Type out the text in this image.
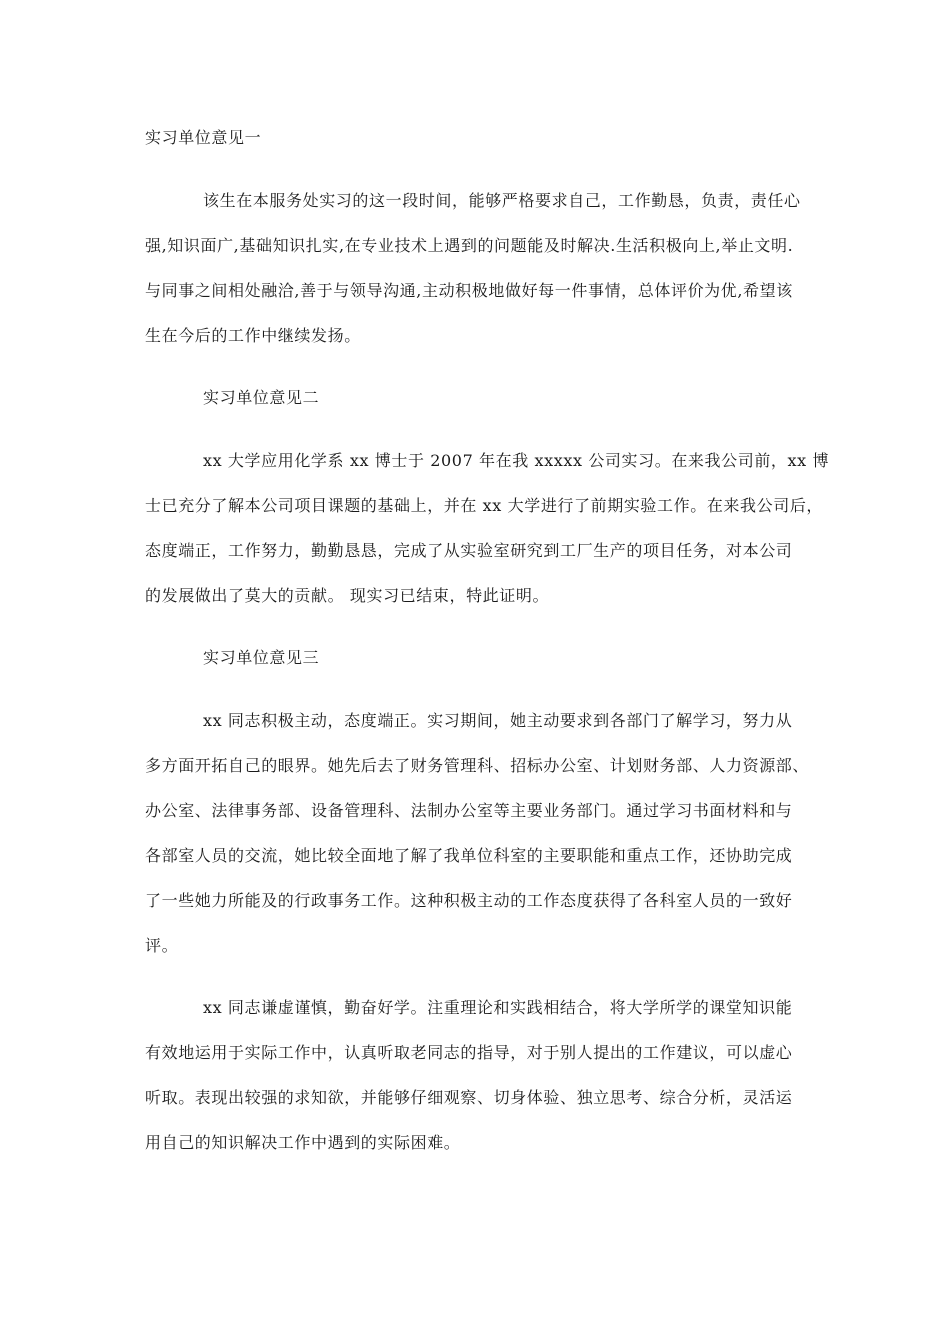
实习单位意见一
该生在本服务处实习的这一段时间，能够严格要求自己，工作勤恳，负责，责任心
强,知识面广,基础知识扎实,在专业技术上遇到的问题能及时解决.生活积极向上,举止文明.
与同事之间相处融洽,善于与领导沟通,主动积极地做好每一件事情，总体评价为优,希望该
生在今后的工作中继续发扬。
实习单位意见二
xx 大学应用化学系 xx 博士于 2007 年在我 xxxxx 公司实习。在来我公司前，xx 博
士已充分了解本公司项目课题的基础上，并在 xx 大学进行了前期实验工作。在来我公司后，
态度端正，工作努力，勤勤恳恳，完成了从实验室研究到工厂生产的项目任务，对本公司
的发展做出了莫大的贡献。 现实习已结束，特此证明。
实习单位意见三
xx 同志积极主动，态度端正。实习期间，她主动要求到各部门了解学习，努力从
多方面开拓自己的眼界。她先后去了财务管理科、招标办公室、计划财务部、人力资源部、
办公室、法律事务部、设备管理科、法制办公室等主要业务部门。通过学习书面材料和与
各部室人员的交流，她比较全面地了解了我单位科室的主要职能和重点工作，还协助完成
了一些她力所能及的行政事务工作。这种积极主动的工作态度获得了各科室人员的一致好
评。
xx 同志谦虚谨慎，勤奋好学。注重理论和实践相结合，将大学所学的课堂知识能
有效地运用于实际工作中，认真听取老同志的指导，对于别人提出的工作建议，可以虚心
听取。表现出较强的求知欲，并能够仔细观察、切身体验、独立思考、综合分析，灵活运
用自己的知识解决工作中遇到的实际困难。
